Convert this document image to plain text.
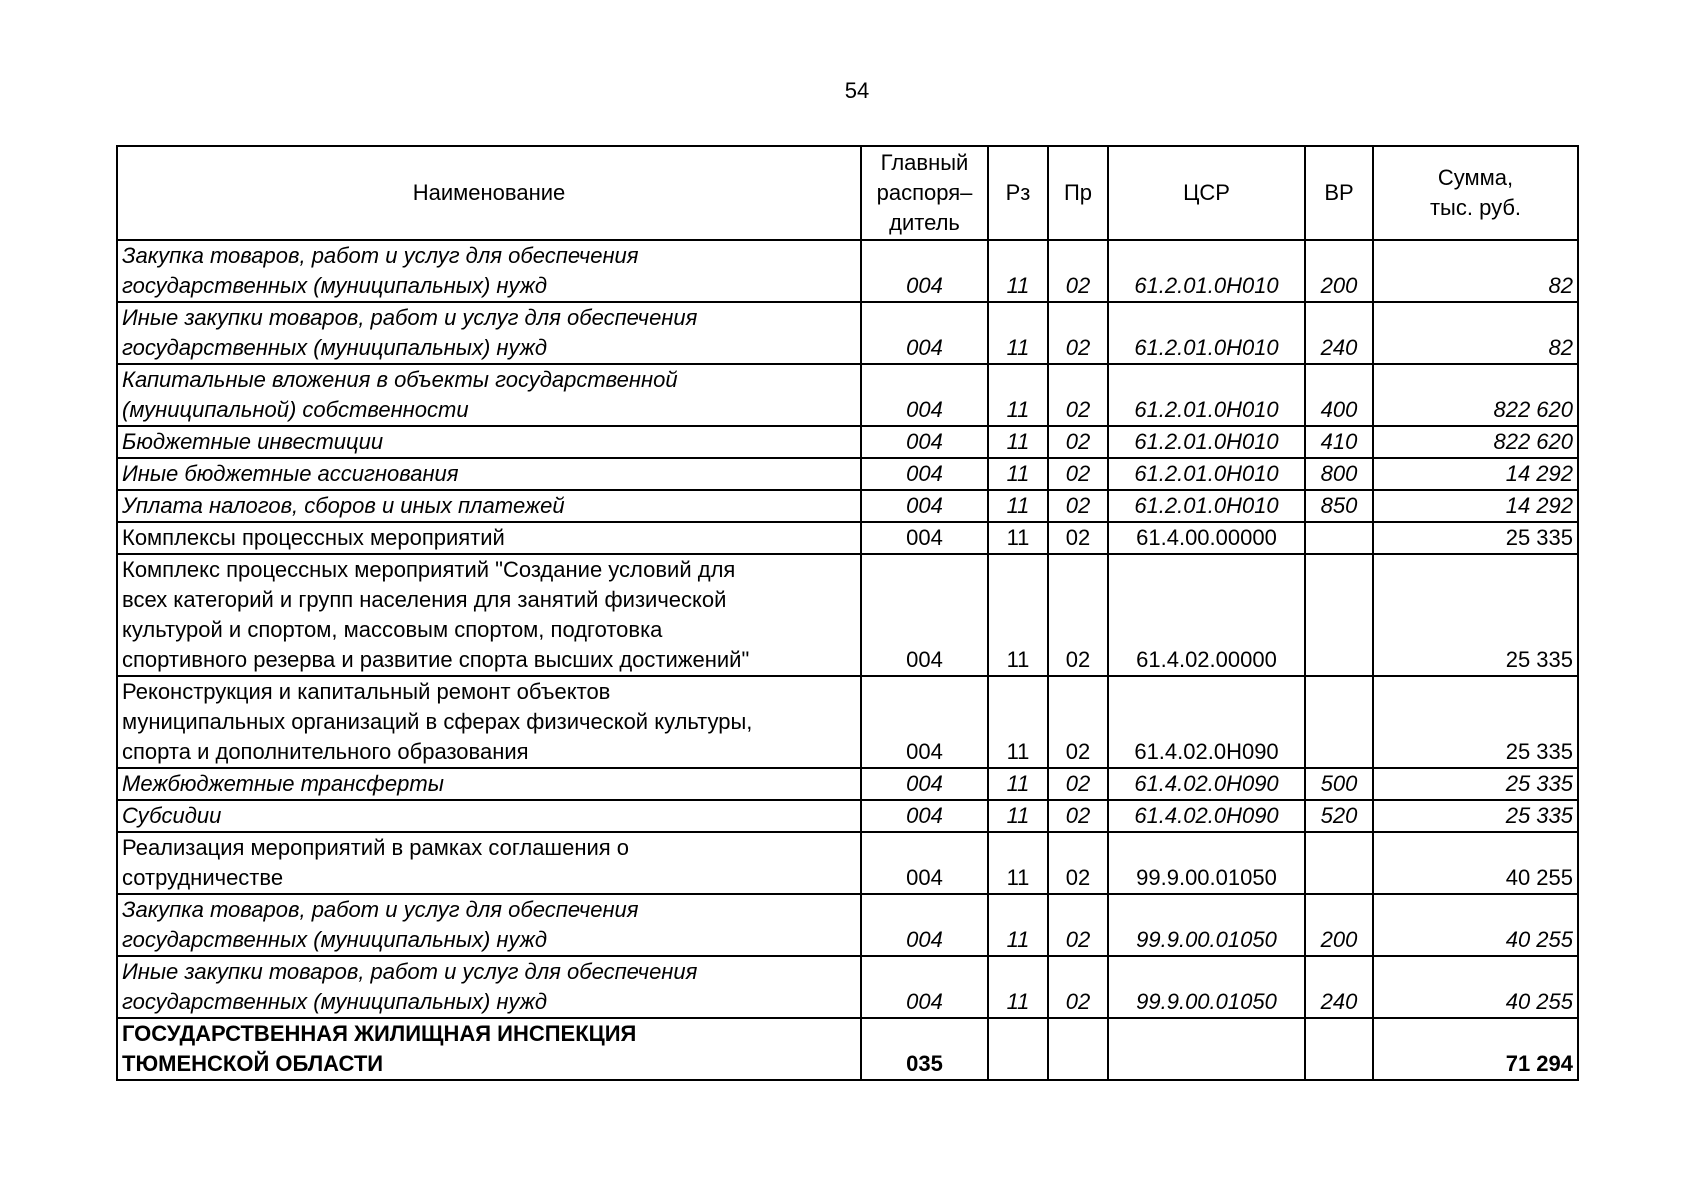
54
Наименование	Главный
распоря–
дитель	Рз	Пр	ЦСР	ВР	Сумма,
тыс. руб.
Закупка товаров, работ и услуг для обеспечения
государственных (муниципальных) нужд	004	11	02	61.2.01.0Н010	200	82
Иные закупки товаров, работ и услуг для обеспечения
государственных (муниципальных) нужд	004	11	02	61.2.01.0Н010	240	82
Капитальные вложения в объекты государственной
(муниципальной) собственности	004	11	02	61.2.01.0Н010	400	822 620
Бюджетные инвестиции	004	11	02	61.2.01.0Н010	410	822 620
Иные бюджетные ассигнования	004	11	02	61.2.01.0Н010	800	14 292
Уплата налогов, сборов и иных платежей	004	11	02	61.2.01.0Н010	850	14 292
Комплексы процессных мероприятий	004	11	02	61.4.00.00000		25 335
Комплекс процессных мероприятий "Создание условий для
всех категорий и групп населения для занятий физической
культурой и спортом, массовым спортом, подготовка
спортивного резерва и развитие спорта высших достижений"	004	11	02	61.4.02.00000		25 335
Реконструкция и капитальный ремонт объектов
муниципальных организаций в сферах физической культуры,
спорта и дополнительного образования	004	11	02	61.4.02.0Н090		25 335
Межбюджетные трансферты	004	11	02	61.4.02.0Н090	500	25 335
Субсидии	004	11	02	61.4.02.0Н090	520	25 335
Реализация мероприятий в рамках соглашения о
сотрудничестве	004	11	02	99.9.00.01050		40 255
Закупка товаров, работ и услуг для обеспечения
государственных (муниципальных) нужд	004	11	02	99.9.00.01050	200	40 255
Иные закупки товаров, работ и услуг для обеспечения
государственных (муниципальных) нужд	004	11	02	99.9.00.01050	240	40 255
ГОСУДАРСТВЕННАЯ ЖИЛИЩНАЯ ИНСПЕКЦИЯ
ТЮМЕНСКОЙ ОБЛАСТИ	035					71 294
